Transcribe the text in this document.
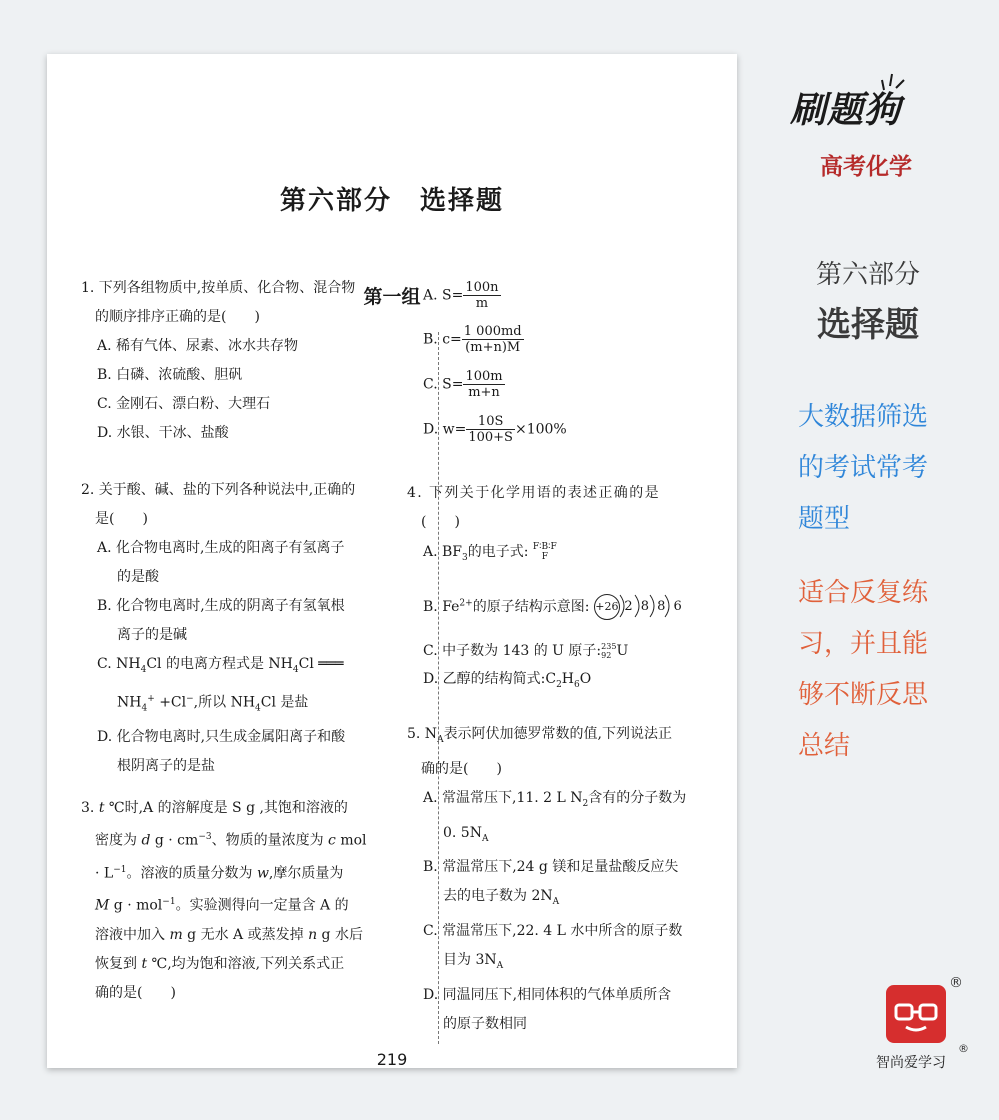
第六部分　选择题
第一组
1. 下列各组物质中,按单质、化合物、混合物
的顺序排序正确的是(　　)
A. 稀有气体、尿素、冰水共存物
B. 白磷、浓硫酸、胆矾
C. 金刚石、漂白粉、大理石
D. 水银、干冰、盐酸
2. 关于酸、碱、盐的下列各种说法中,正确的
是(　　)
A. 化合物电离时,生成的阳离子有氢离子
的是酸
B. 化合物电离时,生成的阴离子有氢氧根
离子的是碱
C. $NH_4Cl$ 的电离方程式是 $NH_4Cl$ ═══
$NH_4^+ +Cl^-$,所以 $NH_4Cl$ 是盐
D. 化合物电离时,只生成金属阳离子和酸
根阴离子的是盐
3. t ℃时,A 的溶解度是 S g ,其饱和溶液的
密度为 d $g \cdot cm^{-3}$、物质的量浓度为 c mol
· $L^{-1}$。溶液的质量分数为 w,摩尔质量为
M g · mol$^{-1}$。实验测得向一定量含 A 的
溶液中加入 m g 无水 A 或蒸发掉 n g 水后
恢复到 t ℃,均为饱和溶液,下列关系式正
确的是(　　)
A. $S= \frac{100n}{m}$
B. $c= \frac{1 000md}{(m+n)M}$
C. $S= \frac{100m}{m+n}$
D. $w= \frac{10S}{100+S} \times 100\%$
4. 下列关于化学用语的表述正确的是
(　　)
A. $BF_3$的电子式: F∶B∶F
F
B. $Fe^{2+}$的原子结构示意图: +26 2 8 8 6
C. 中子数为 143 的 U 原子:235
92 U
D. 乙醇的结构简式$:C_2H_6O$
5. $N_A$表示阿伏加德罗常数的值,下列说法正
确的是(　　)
A. 常温常压下,11. 2 L $N_2$含有的分子数为
0. $5N_A$
B. 常温常压下,24 g 镁和足量盐酸反应失
去的电子数为 $2N_A$
C. 常温常压下,22. 4 L 水中所含的原子数
目为 $3N_A$
D. 同温同压下,相同体积的气体单质所含
的原子数相同
219
刷题狗
高考化学
第六部分
选择题
大数据筛选
的考试常考
题型
适合反复练
习，并且能
够不断反思
总结
®
智尚爱学习
®
